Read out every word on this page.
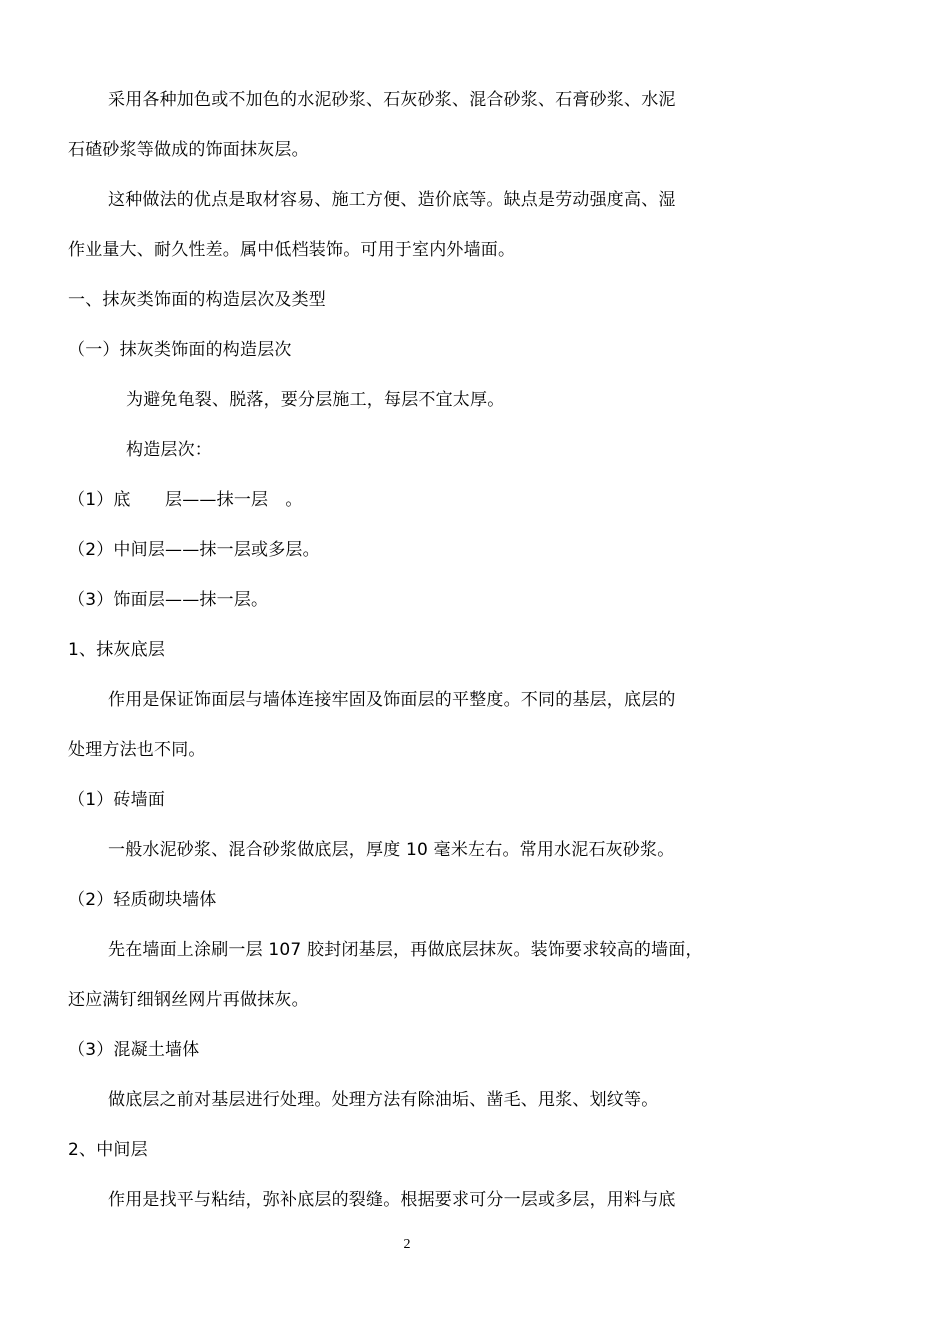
采用各种加色或不加色的水泥砂浆、石灰砂浆、混合砂浆、石膏砂浆、水泥
石碴砂浆等做成的饰面抹灰层。
这种做法的优点是取材容易、施工方便、造价底等。缺点是劳动强度高、湿
作业量大、耐久性差。属中低档装饰。可用于室内外墙面。
一、抹灰类饰面的构造层次及类型
（一）抹灰类饰面的构造层次
为避免龟裂、脱落，要分层施工，每层不宜太厚。
构造层次：
（1）底　　层——抹一层　。
（2）中间层——抹一层或多层。
（3）饰面层——抹一层。
1、抹灰底层
作用是保证饰面层与墙体连接牢固及饰面层的平整度。不同的基层，底层的
处理方法也不同。
（1）砖墙面
一般水泥砂浆、混合砂浆做底层，厚度 10 毫米左右。常用水泥石灰砂浆。
（2）轻质砌块墙体
先在墙面上涂刷一层 107 胶封闭基层，再做底层抹灰。装饰要求较高的墙面，
还应满钉细钢丝网片再做抹灰。
（3）混凝土墙体
做底层之前对基层进行处理。处理方法有除油垢、凿毛、甩浆、划纹等。
2、中间层
作用是找平与粘结，弥补底层的裂缝。根据要求可分一层或多层，用料与底
2
